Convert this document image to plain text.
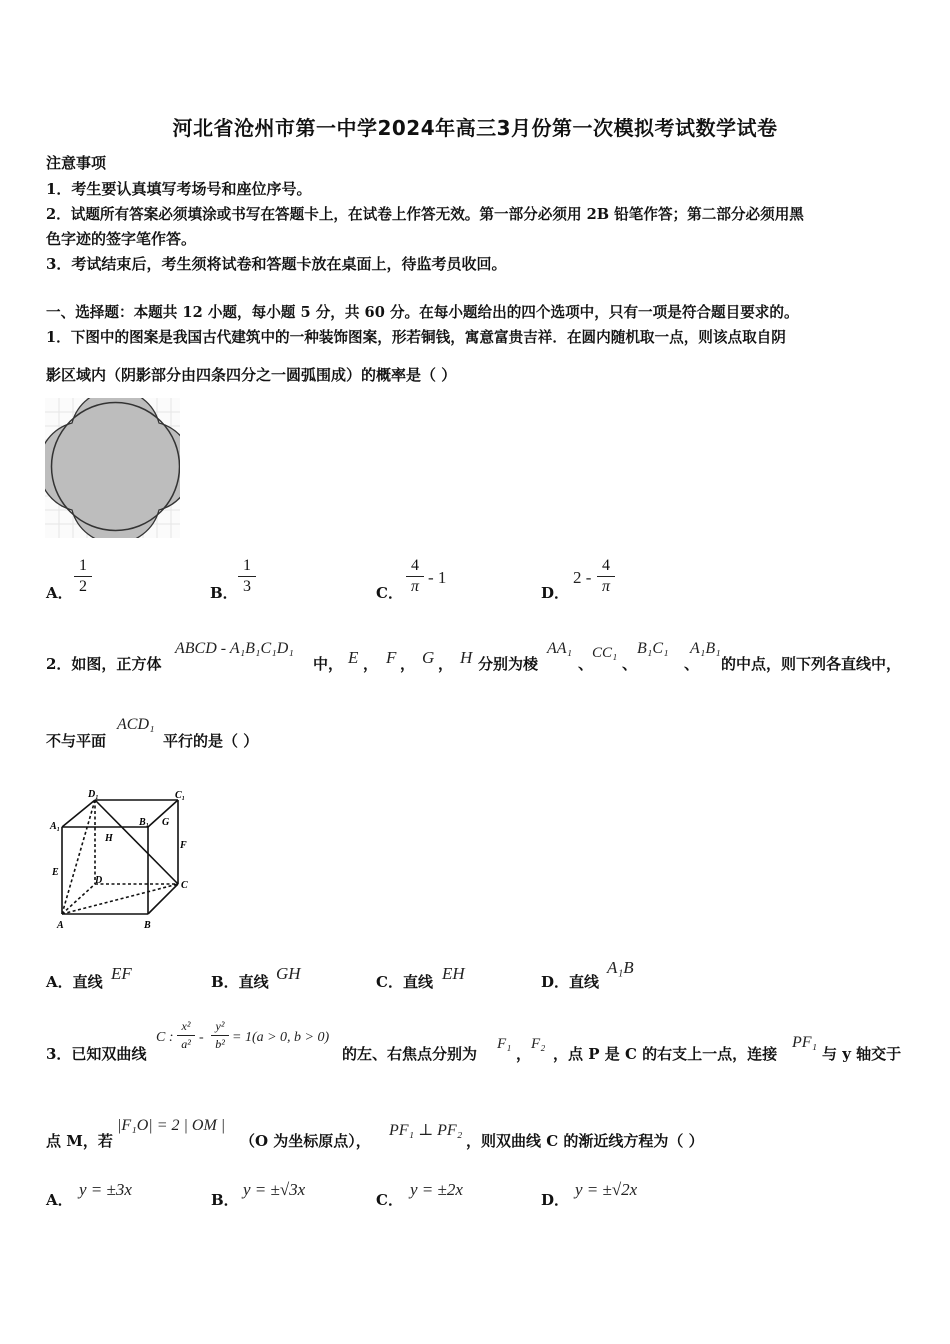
河北省沧州市第一中学2024年高三3月份第一次模拟考试数学试卷
注意事项
1．考生要认真填写考场号和座位序号。
2．试题所有答案必须填涂或书写在答题卡上，在试卷上作答无效。第一部分必须用 2B 铅笔作答；第二部分必须用黑
色字迹的签字笔作答。
3．考试结束后，考生须将试卷和答题卡放在桌面上，待监考员收回。
一、选择题：本题共 12 小题，每小题 5 分，共 60 分。在每小题给出的四个选项中，只有一项是符合题目要求的。
1．下图中的图案是我国古代建筑中的一种装饰图案，形若铜钱，寓意富贵吉祥．在圆内随机取一点，则该点取自阴
影区域内（阴影部分由四条四分之一圆弧围成）的概率是（ ）
A．
1
2	B．
1
3	C．
4
π - 1
D．
2 -
4
π
2．如图，正方体
ABCD - A₁B₁C₁D₁
中， E ， F ， G ， H 分别为棱
AA₁
、
CC₁
、
B₁C₁
、
A₁B₁
的中点，则下列各直线中，
不与平面
ACD₁
平行的是（ ）
D₁	C₁
A₁	B₁ G
H
F
E
D	C
A	B
A．直线 EF	B．直线 GH	C．直线 EH	D．直线
A₁B
3．已知双曲线
C :
x²
a² -
y²
b² = 1(a > 0, b > 0)
的左、右焦点分别为
F₁
，
F₂
，点 P 是 C 的右支上一点，连接
PF₁
与 y 轴交于
点 M，若
|F₁O| = 2 | OM |
（O 为坐标原点），
PF₁ ⊥ PF₂
，则双曲线 C 的渐近线方程为（ ）
A．
y = ±3x
B．
y = ±√3x
C．
y = ±2x
D．
y = ±√2x
